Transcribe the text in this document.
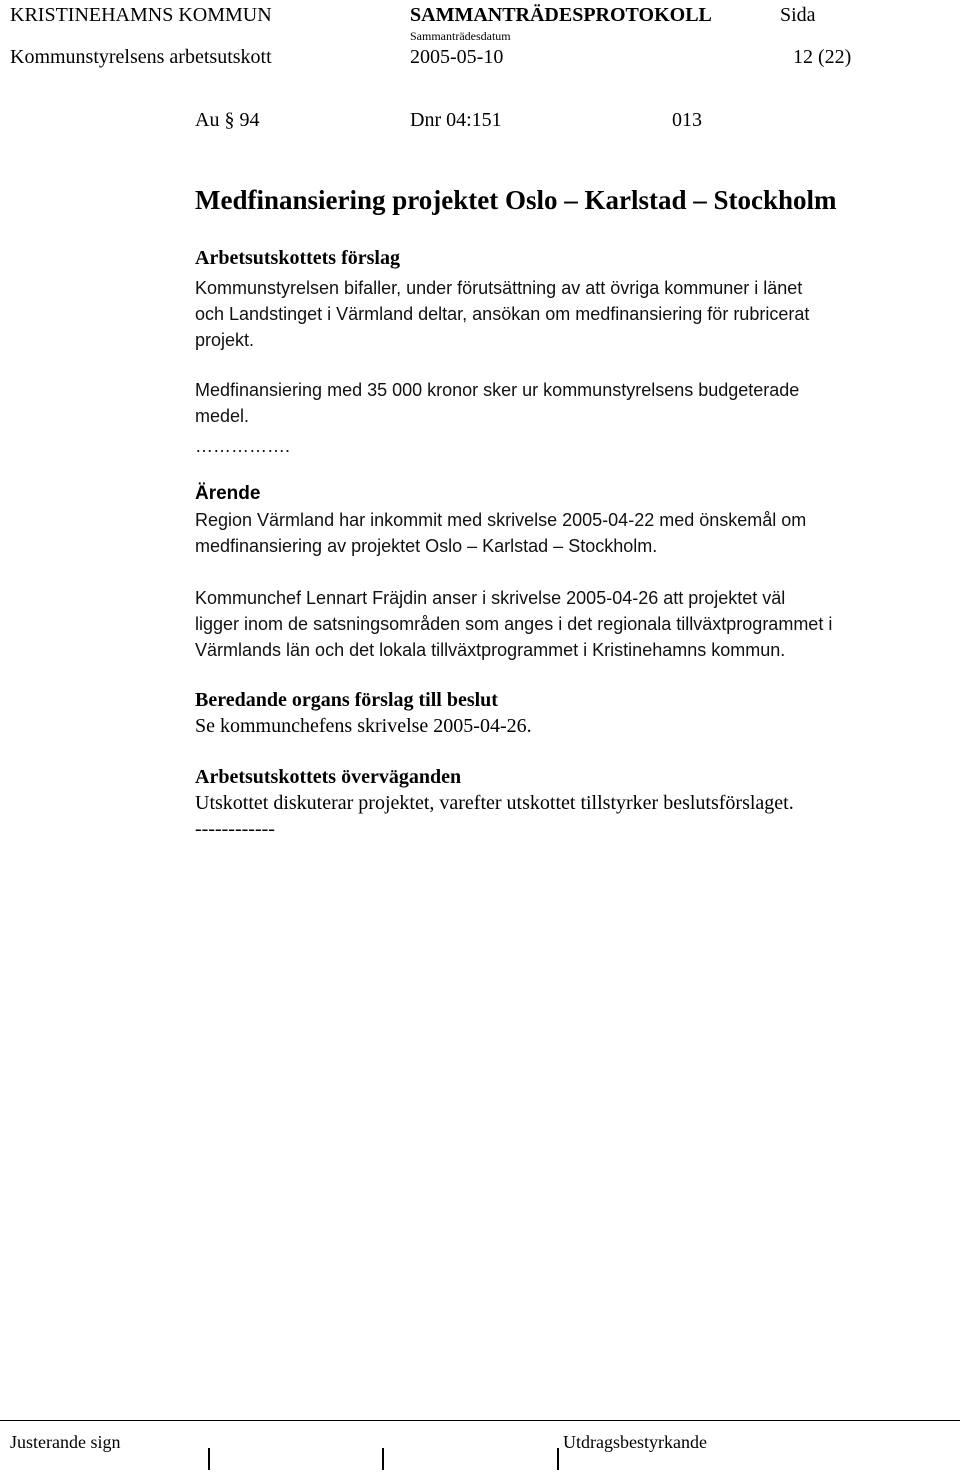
KRISTINEHAMNS KOMMUN	SAMMANTRÄDESPROTOKOLL	Sida
Sammanträdesdatum
Kommunstyrelsens arbetsutskott	2005-05-10	12 (22)
Au § 94	Dnr 04:151	013
Medfinansiering projektet Oslo – Karlstad – Stockholm
Arbetsutskottets förslag

Kommunstyrelsen bifaller, under förutsättning av att övriga kommuner i länet

och Landstinget i Värmland deltar, ansökan om medfinansiering för rubricerat

projekt.

Medfinansiering med 35 000 kronor sker ur kommunstyrelsens budgeterade

medel.

…………….
Ärende

Region Värmland har inkommit med skrivelse 2005-04-22 med önskemål om

medfinansiering av projektet Oslo – Karlstad – Stockholm.

Kommunchef Lennart Fräjdin anser i skrivelse 2005-04-26 att projektet väl

ligger inom de satsningsområden som anges i det regionala tillväxtprogrammet i

Värmlands län och det lokala tillväxtprogrammet i Kristinehamns kommun.

Beredande organs förslag till beslut
Se kommunchefens skrivelse 2005-04-26.
Arbetsutskottets överväganden
Utskottet diskuterar projektet, varefter utskottet tillstyrker beslutsförslaget.
------------
Justerande sign	Utdragsbestyrkande
